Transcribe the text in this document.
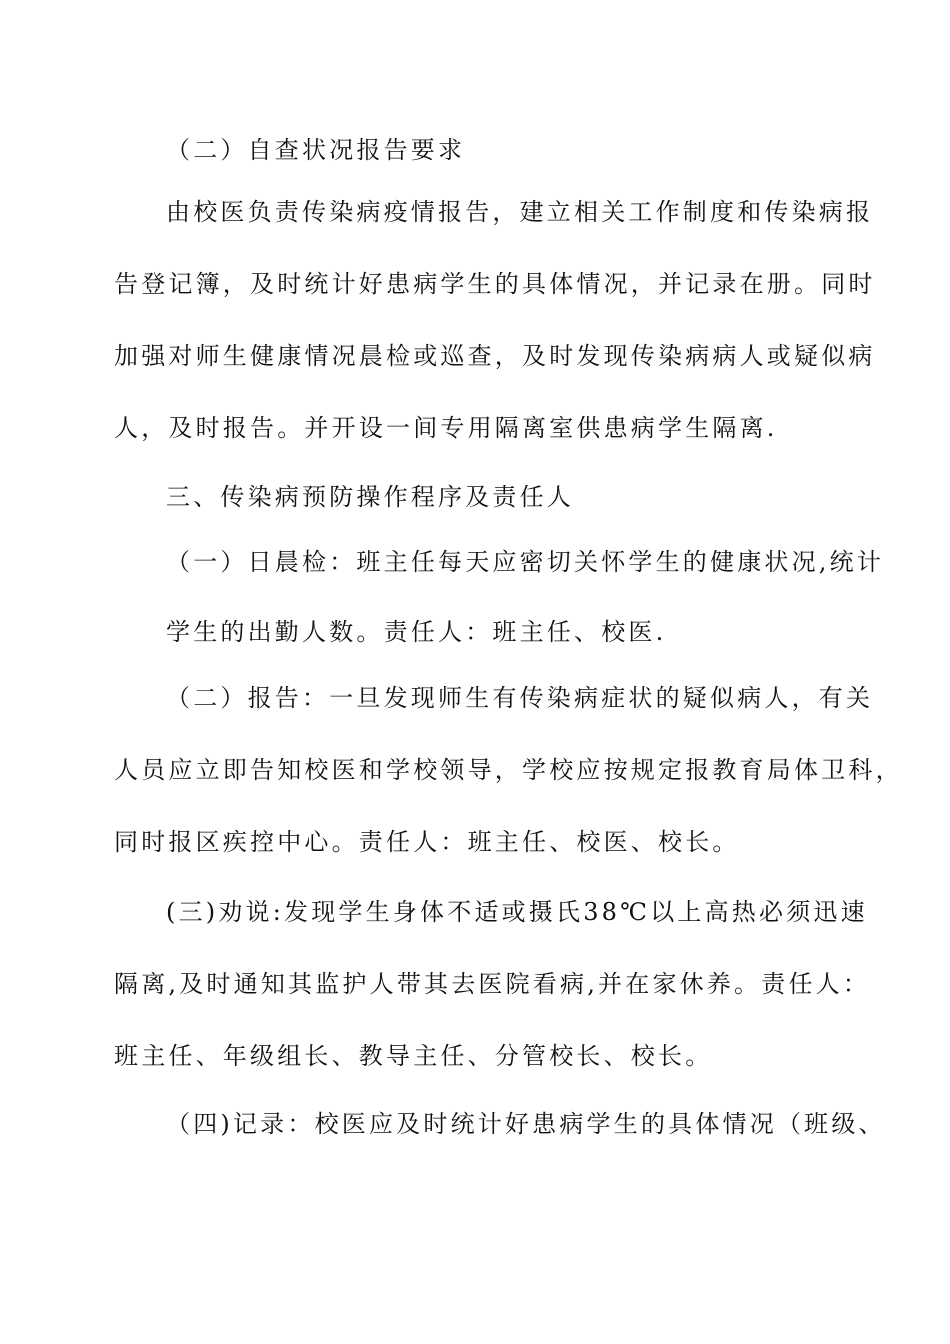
（二）自查状况报告要求

由校医负责传染病疫情报告，建立相关工作制度和传染病报

告登记簿，及时统计好患病学生的具体情况，并记录在册。同时

加强对师生健康情况晨检或巡查，及时发现传染病病人或疑似病

人，及时报告。并开设一间专用隔离室供患病学生隔离.

三、传染病预防操作程序及责任人

（一）日晨检：班主任每天应密切关怀学生的健康状况,统计

学生的出勤人数。责任人：班主任、校医.

（二）报告：一旦发现师生有传染病症状的疑似病人，有关

人员应立即告知校医和学校领导，学校应按规定报教育局体卫科，

同时报区疾控中心。责任人：班主任、校医、校长。

(三)劝说:发现学生身体不适或摄氏38℃以上高热必须迅速

隔离,及时通知其监护人带其去医院看病,并在家休养。责任人：

班主任、年级组长、教导主任、分管校长、校长。

（四)记录：校医应及时统计好患病学生的具体情况（班级、
